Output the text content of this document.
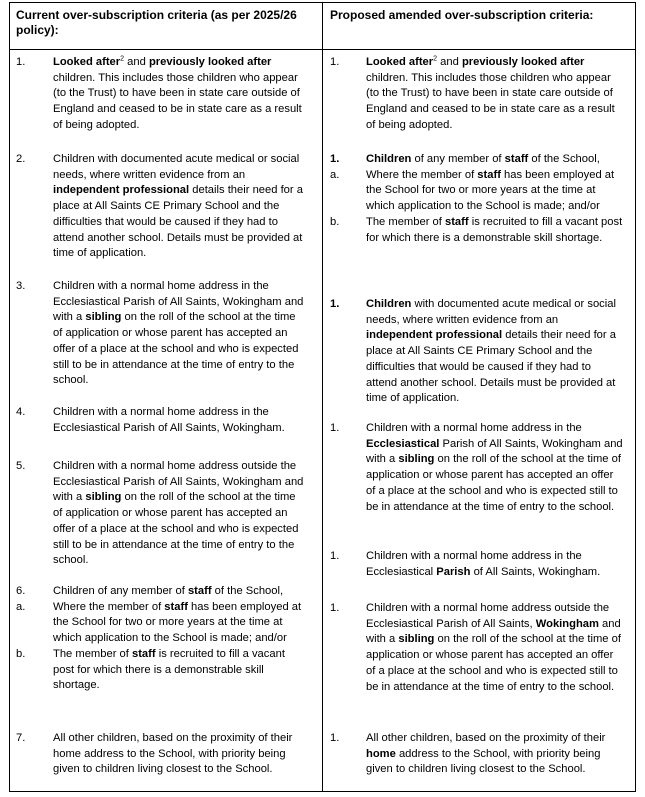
Current over-subscription criteria (as per 2025/26 policy):
Proposed amended over-subscription criteria:
1. Looked after$^2$ and previously looked after children. This includes those children who appear (to the Trust) to have been in state care outside of England and ceased to be in state care as a result of being adopted.
2. Children with documented acute medical or social needs, where written evidence from an independent professional details their need for a place at All Saints CE Primary School and the difficulties that would be caused if they had to attend another school. Details must be provided at time of application.
3. Children with a normal home address in the Ecclesiastical Parish of All Saints, Wokingham and with a sibling on the roll of the school at the time of application or whose parent has accepted an offer of a place at the school and who is expected still to be in attendance at the time of entry to the school.
4. Children with a normal home address in the Ecclesiastical Parish of All Saints, Wokingham.
5. Children with a normal home address outside the Ecclesiastical Parish of All Saints, Wokingham and with a sibling on the roll of the school at the time of application or whose parent has accepted an offer of a place at the school and who is expected still to be in attendance at the time of entry to the school.
6. Children of any member of staff of the School,
a. Where the member of staff has been employed at the School for two or more years at the time at which application to the School is made; and/or
b. The member of staff is recruited to fill a vacant post for which there is a demonstrable skill shortage.
7. All other children, based on the proximity of their home address to the School, with priority being given to children living closest to the School.
1. Looked after$^2$ and previously looked after children. This includes those children who appear (to the Trust) to have been in state care outside of England and ceased to be in state care as a result of being adopted.
1. Children of any member of staff of the School,
a. Where the member of staff has been employed at the School for two or more years at the time at which application to the School is made; and/or
b. The member of staff is recruited to fill a vacant post for which there is a demonstrable skill shortage.
1. Children with documented acute medical or social needs, where written evidence from an independent professional details their need for a place at All Saints CE Primary School and the difficulties that would be caused if they had to attend another school. Details must be provided at time of application.
1. Children with a normal home address in the Ecclesiastical Parish of All Saints, Wokingham and with a sibling on the roll of the school at the time of application or whose parent has accepted an offer of a place at the school and who is expected still to be in attendance at the time of entry to the school.
1. Children with a normal home address in the Ecclesiastical Parish of All Saints, Wokingham.
1. Children with a normal home address outside the Ecclesiastical Parish of All Saints, Wokingham and with a sibling on the roll of the school at the time of application or whose parent has accepted an offer of a place at the school and who is expected still to be in attendance at the time of entry to the school.
1. All other children, based on the proximity of their home address to the School, with priority being given to children living closest to the School.
